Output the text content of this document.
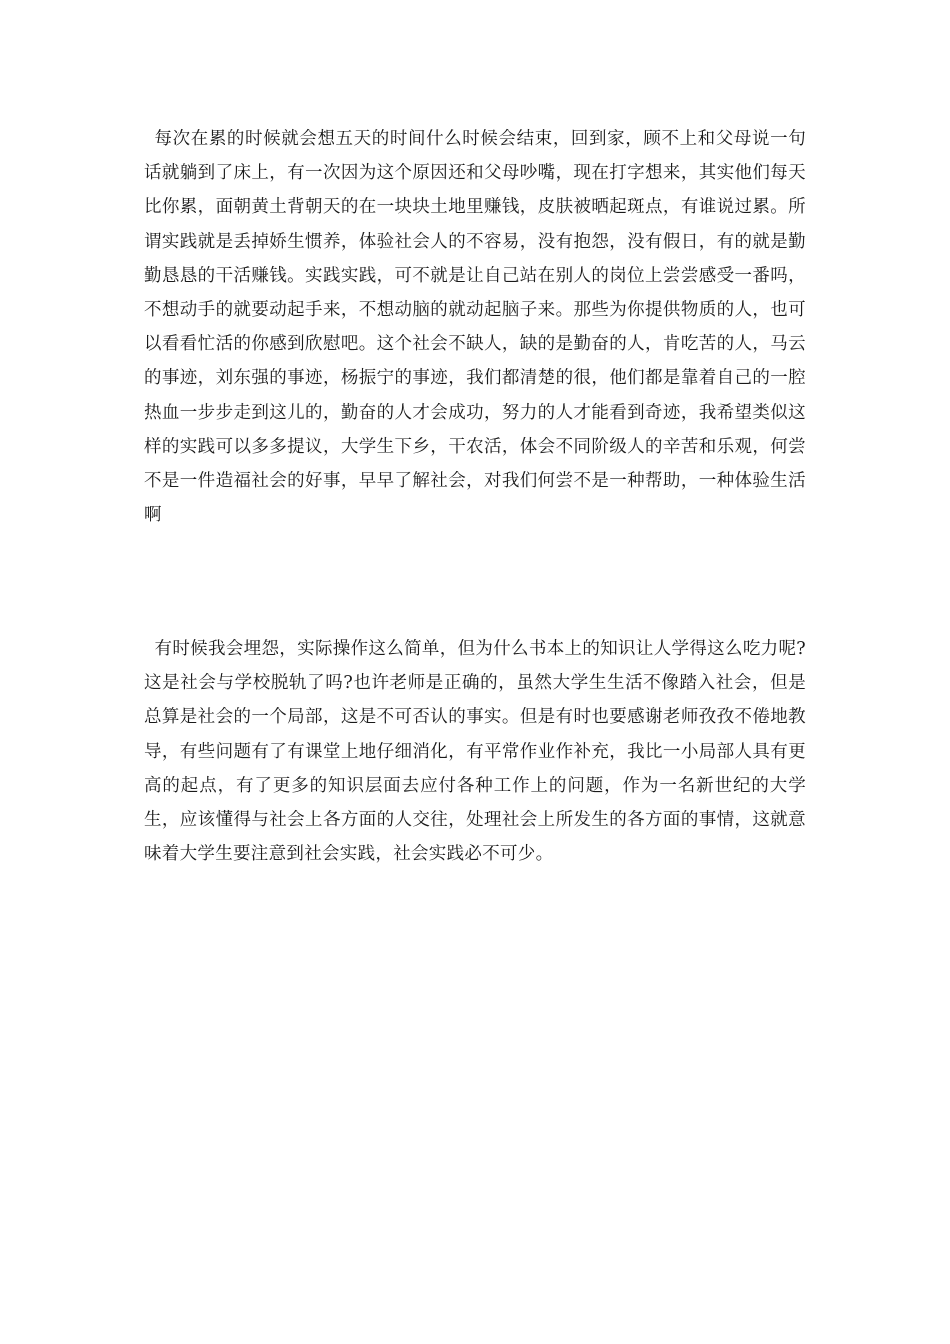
每次在累的时候就会想五天的时间什么时候会结束，回到家，顾不上和父母说一句话就躺到了床上，有一次因为这个原因还和父母吵嘴，现在打字想来，其实他们每天比你累，面朝黄土背朝天的在一块块土地里赚钱，皮肤被晒起斑点，有谁说过累。所谓实践就是丢掉娇生惯养，体验社会人的不容易，没有抱怨，没有假日，有的就是勤勤恳恳的干活赚钱。实践实践，可不就是让自己站在别人的岗位上尝尝感受一番吗，不想动手的就要动起手来，不想动脑的就动起脑子来。那些为你提供物质的人，也可以看看忙活的你感到欣慰吧。这个社会不缺人，缺的是勤奋的人，肯吃苦的人，马云的事迹，刘东强的事迹，杨振宁的事迹，我们都清楚的很，他们都是靠着自己的一腔热血一步步走到这儿的，勤奋的人才会成功，努力的人才能看到奇迹，我希望类似这样的实践可以多多提议，大学生下乡，干农活，体会不同阶级人的辛苦和乐观，何尝不是一件造福社会的好事，早早了解社会，对我们何尝不是一种帮助，一种体验生活啊

有时候我会埋怨，实际操作这么简单，但为什么书本上的知识让人学得这么吃力呢?这是社会与学校脱轨了吗?也许老师是正确的，虽然大学生生活不像踏入社会，但是总算是社会的一个局部，这是不可否认的事实。但是有时也要感谢老师孜孜不倦地教导，有些问题有了有课堂上地仔细消化，有平常作业作补充，我比一小局部人具有更高的起点，有了更多的知识层面去应付各种工作上的问题，作为一名新世纪的大学生，应该懂得与社会上各方面的人交往，处理社会上所发生的各方面的事情，这就意味着大学生要注意到社会实践，社会实践必不可少。
